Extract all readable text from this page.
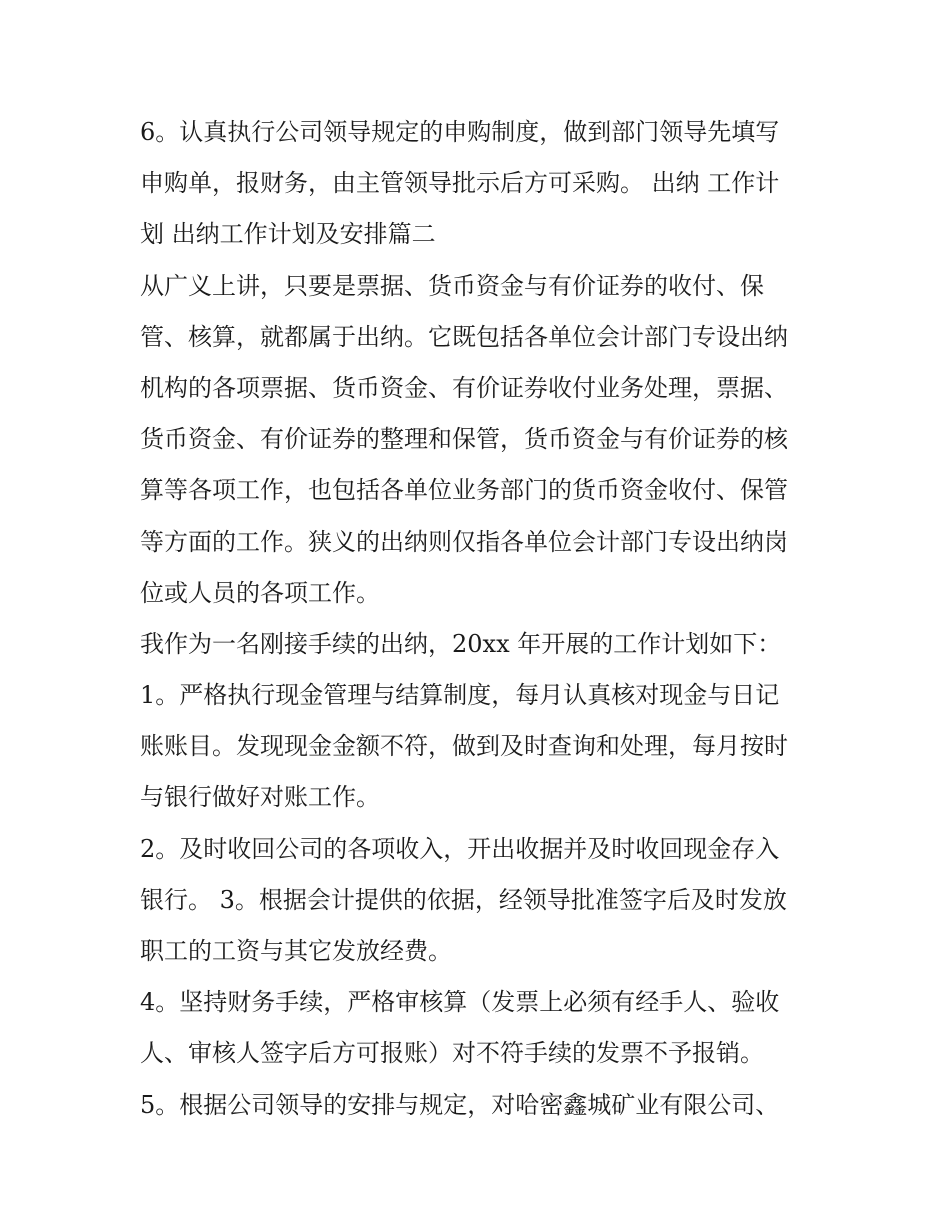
6。认真执行公司领导规定的申购制度，做到部门领导先填写
申购单，报财务，由主管领导批示后方可采购。 出纳 工作计
划 出纳工作计划及安排篇二
从广义上讲，只要是票据、货币资金与有价证券的收付、保
管、核算，就都属于出纳。它既包括各单位会计部门专设出纳
机构的各项票据、货币资金、有价证券收付业务处理，票据、
货币资金、有价证券的整理和保管，货币资金与有价证券的核
算等各项工作，也包括各单位业务部门的货币资金收付、保管
等方面的工作。狭义的出纳则仅指各单位会计部门专设出纳岗
位或人员的各项工作。
我作为一名刚接手续的出纳，20xx 年开展的工作计划如下：
1。严格执行现金管理与结算制度，每月认真核对现金与日记
账账目。发现现金金额不符，做到及时查询和处理，每月按时
与银行做好对账工作。
2。及时收回公司的各项收入，开出收据并及时收回现金存入
银行。 3。根据会计提供的依据，经领导批准签字后及时发放
职工的工资与其它发放经费。
4。坚持财务手续，严格审核算（发票上必须有经手人、验收
人、审核人签字后方可报账）对不符手续的发票不予报销。
5。根据公司领导的安排与规定，对哈密鑫城矿业有限公司、
